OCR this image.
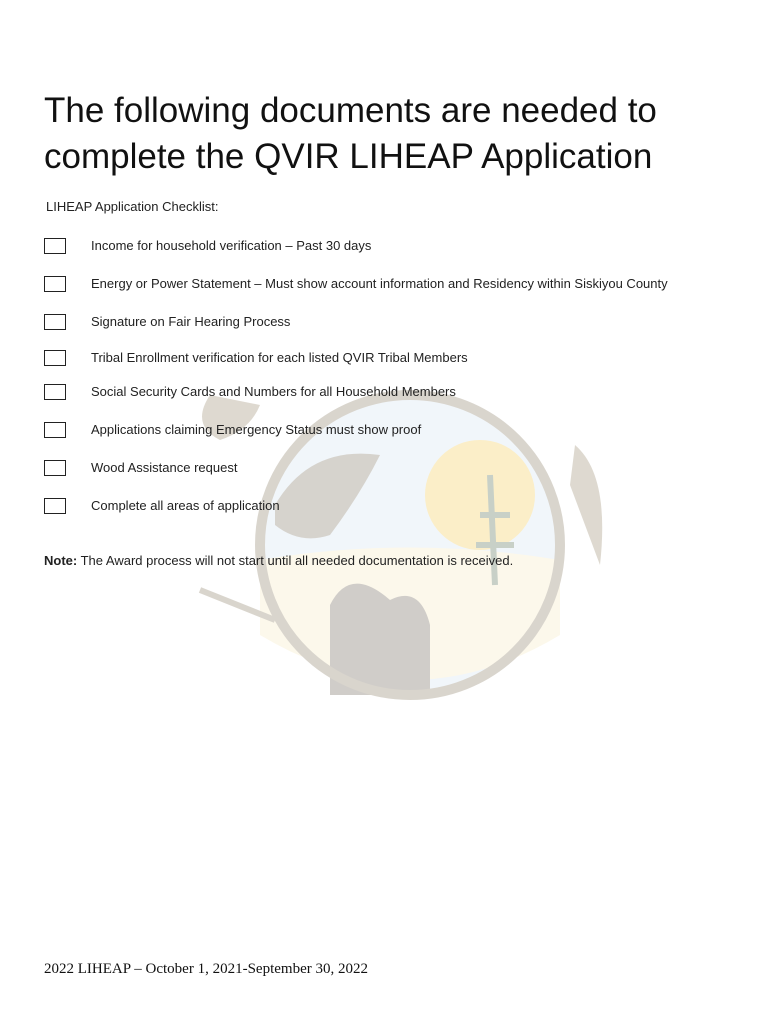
The following documents are needed to
complete the QVIR LIHEAP Application
LIHEAP Application Checklist:
Income for household verification – Past 30 days
Energy or Power Statement – Must show account information and Residency within Siskiyou County
Signature on Fair Hearing Process
Tribal Enrollment verification for each listed QVIR Tribal Members
Social Security Cards and Numbers for all Household Members
Applications claiming Emergency Status must show proof
Wood Assistance request
Complete all areas of application
Note: The Award process will not start until all needed documentation is received.
2022 LIHEAP – October 1, 2021-September 30, 2022
